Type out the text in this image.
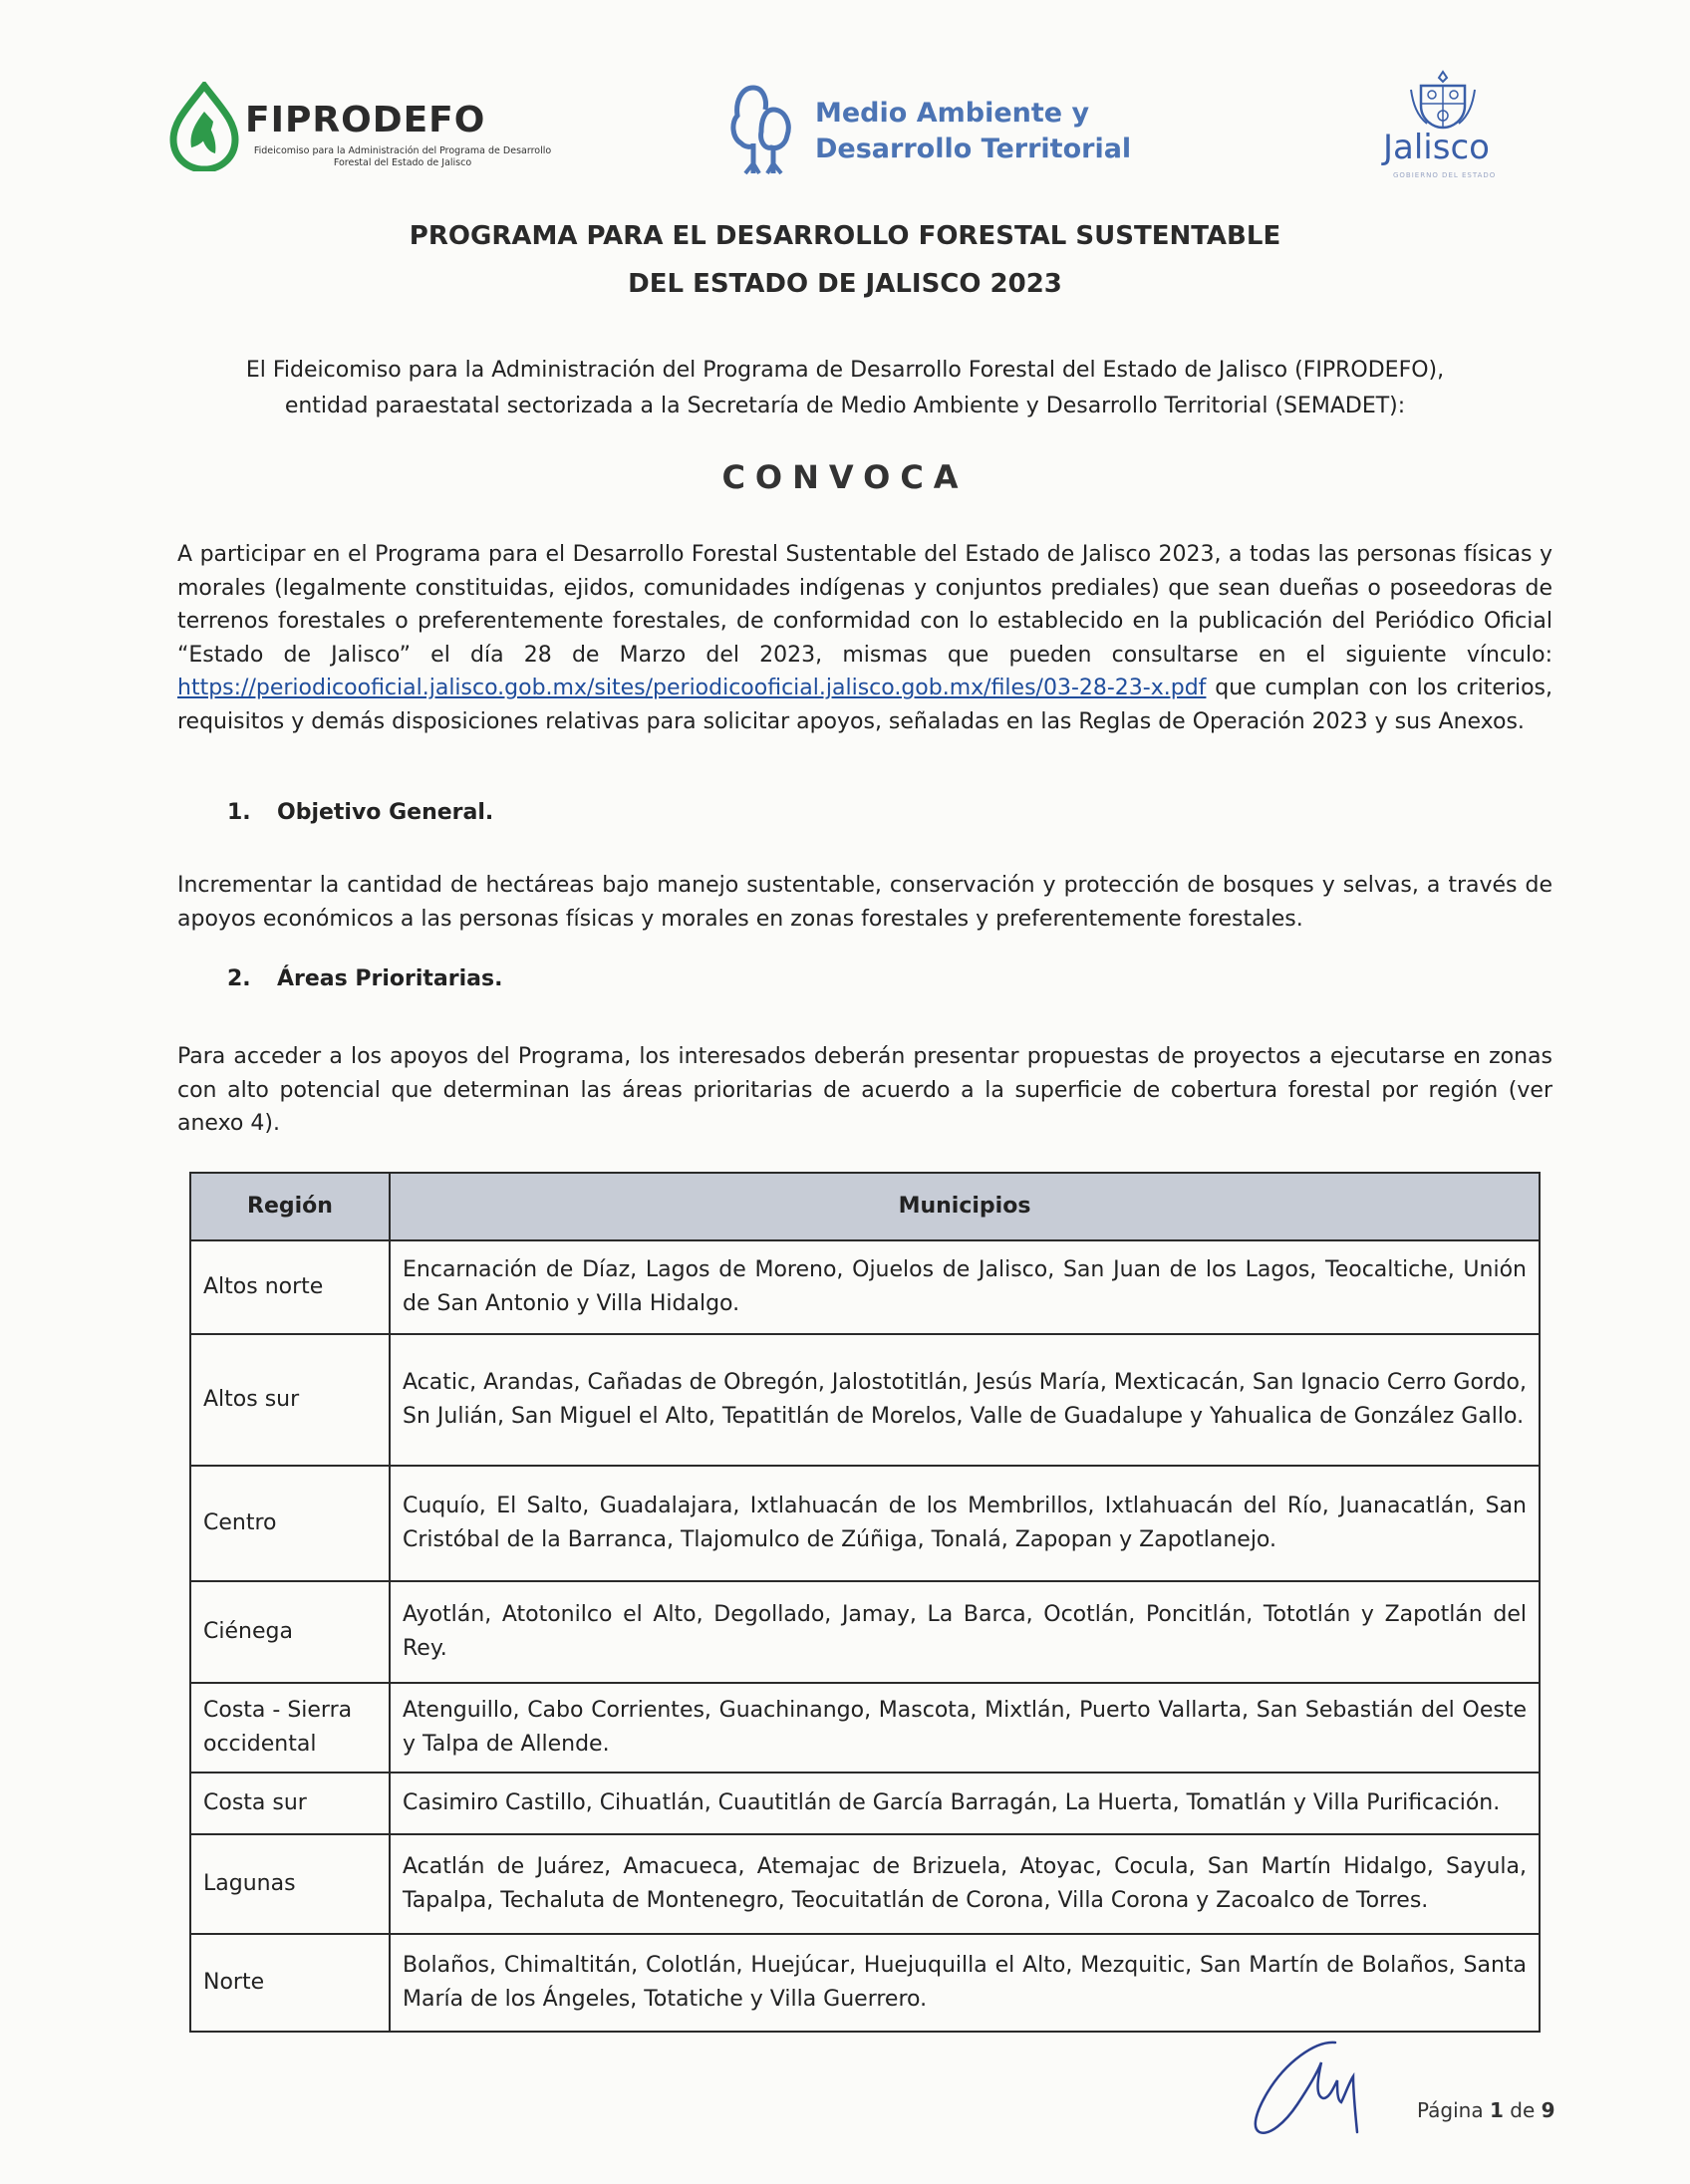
FIPRODEFO
Fideicomiso para la Administración del Programa de Desarrollo Forestal del Estado de Jalisco
Medio Ambiente y
Desarrollo Territorial	Jalisco
GOBIERNO DEL ESTADO
PROGRAMA PARA EL DESARROLLO FORESTAL SUSTENTABLE
DEL ESTADO DE JALISCO 2023
El Fideicomiso para la Administración del Programa de Desarrollo Forestal del Estado de Jalisco (FIPRODEFO),
entidad paraestatal sectorizada a la Secretaría de Medio Ambiente y Desarrollo Territorial (SEMADET):
CONVOCA
A participar en el Programa para el Desarrollo Forestal Sustentable del Estado de Jalisco 2023, a todas las personas físicas y morales (legalmente constituidas, ejidos, comunidades indígenas y conjuntos prediales) que sean dueñas o poseedoras de terrenos forestales o preferentemente forestales, de conformidad con lo establecido en la publicación del Periódico Oficial “Estado de Jalisco” el día 28 de Marzo del 2023, mismas que pueden consultarse en el siguiente vínculo: https://periodicooficial.jalisco.gob.mx/sites/periodicooficial.jalisco.gob.mx/files/03-28-23-x.pdf que cumplan con los criterios, requisitos y demás disposiciones relativas para solicitar apoyos, señaladas en las Reglas de Operación 2023 y sus Anexos.
1. Objetivo General.
Incrementar la cantidad de hectáreas bajo manejo sustentable, conservación y protección de bosques y selvas, a través de apoyos económicos a las personas físicas y morales en zonas forestales y preferentemente forestales.
2. Áreas Prioritarias.
Para acceder a los apoyos del Programa, los interesados deberán presentar propuestas de proyectos a ejecutarse en zonas con alto potencial que determinan las áreas prioritarias de acuerdo a la superficie de cobertura forestal por región (ver anexo 4).
Región	Municipios
Altos norte	Encarnación de Díaz, Lagos de Moreno, Ojuelos de Jalisco, San Juan de los Lagos, Teocaltiche, Unión de San Antonio y Villa Hidalgo.
Altos sur	Acatic, Arandas, Cañadas de Obregón, Jalostotitlán, Jesús María, Mexticacán, San Ignacio Cerro Gordo, Sn Julián, San Miguel el Alto, Tepatitlán de Morelos, Valle de Guadalupe y Yahualica de González Gallo.
Centro	Cuquío, El Salto, Guadalajara, Ixtlahuacán de los Membrillos, Ixtlahuacán del Río, Juanacatlán, San Cristóbal de la Barranca, Tlajomulco de Zúñiga, Tonalá, Zapopan y Zapotlanejo.
Ciénega	Ayotlán, Atotonilco el Alto, Degollado, Jamay, La Barca, Ocotlán, Poncitlán, Tototlán y Zapotlán del Rey.
Costa - Sierra occidental	Atenguillo, Cabo Corrientes, Guachinango, Mascota, Mixtlán, Puerto Vallarta, San Sebastián del Oeste y Talpa de Allende.
Costa sur	Casimiro Castillo, Cihuatlán, Cuautitlán de García Barragán, La Huerta, Tomatlán y Villa Purificación.
Lagunas	Acatlán de Juárez, Amacueca, Atemajac de Brizuela, Atoyac, Cocula, San Martín Hidalgo, Sayula, Tapalpa, Techaluta de Montenegro, Teocuitatlán de Corona, Villa Corona y Zacoalco de Torres.
Norte	Bolaños, Chimaltitán, Colotlán, Huejúcar, Huejuquilla el Alto, Mezquitic, San Martín de Bolaños, Santa María de los Ángeles, Totatiche y Villa Guerrero.
Página 1 de 9
